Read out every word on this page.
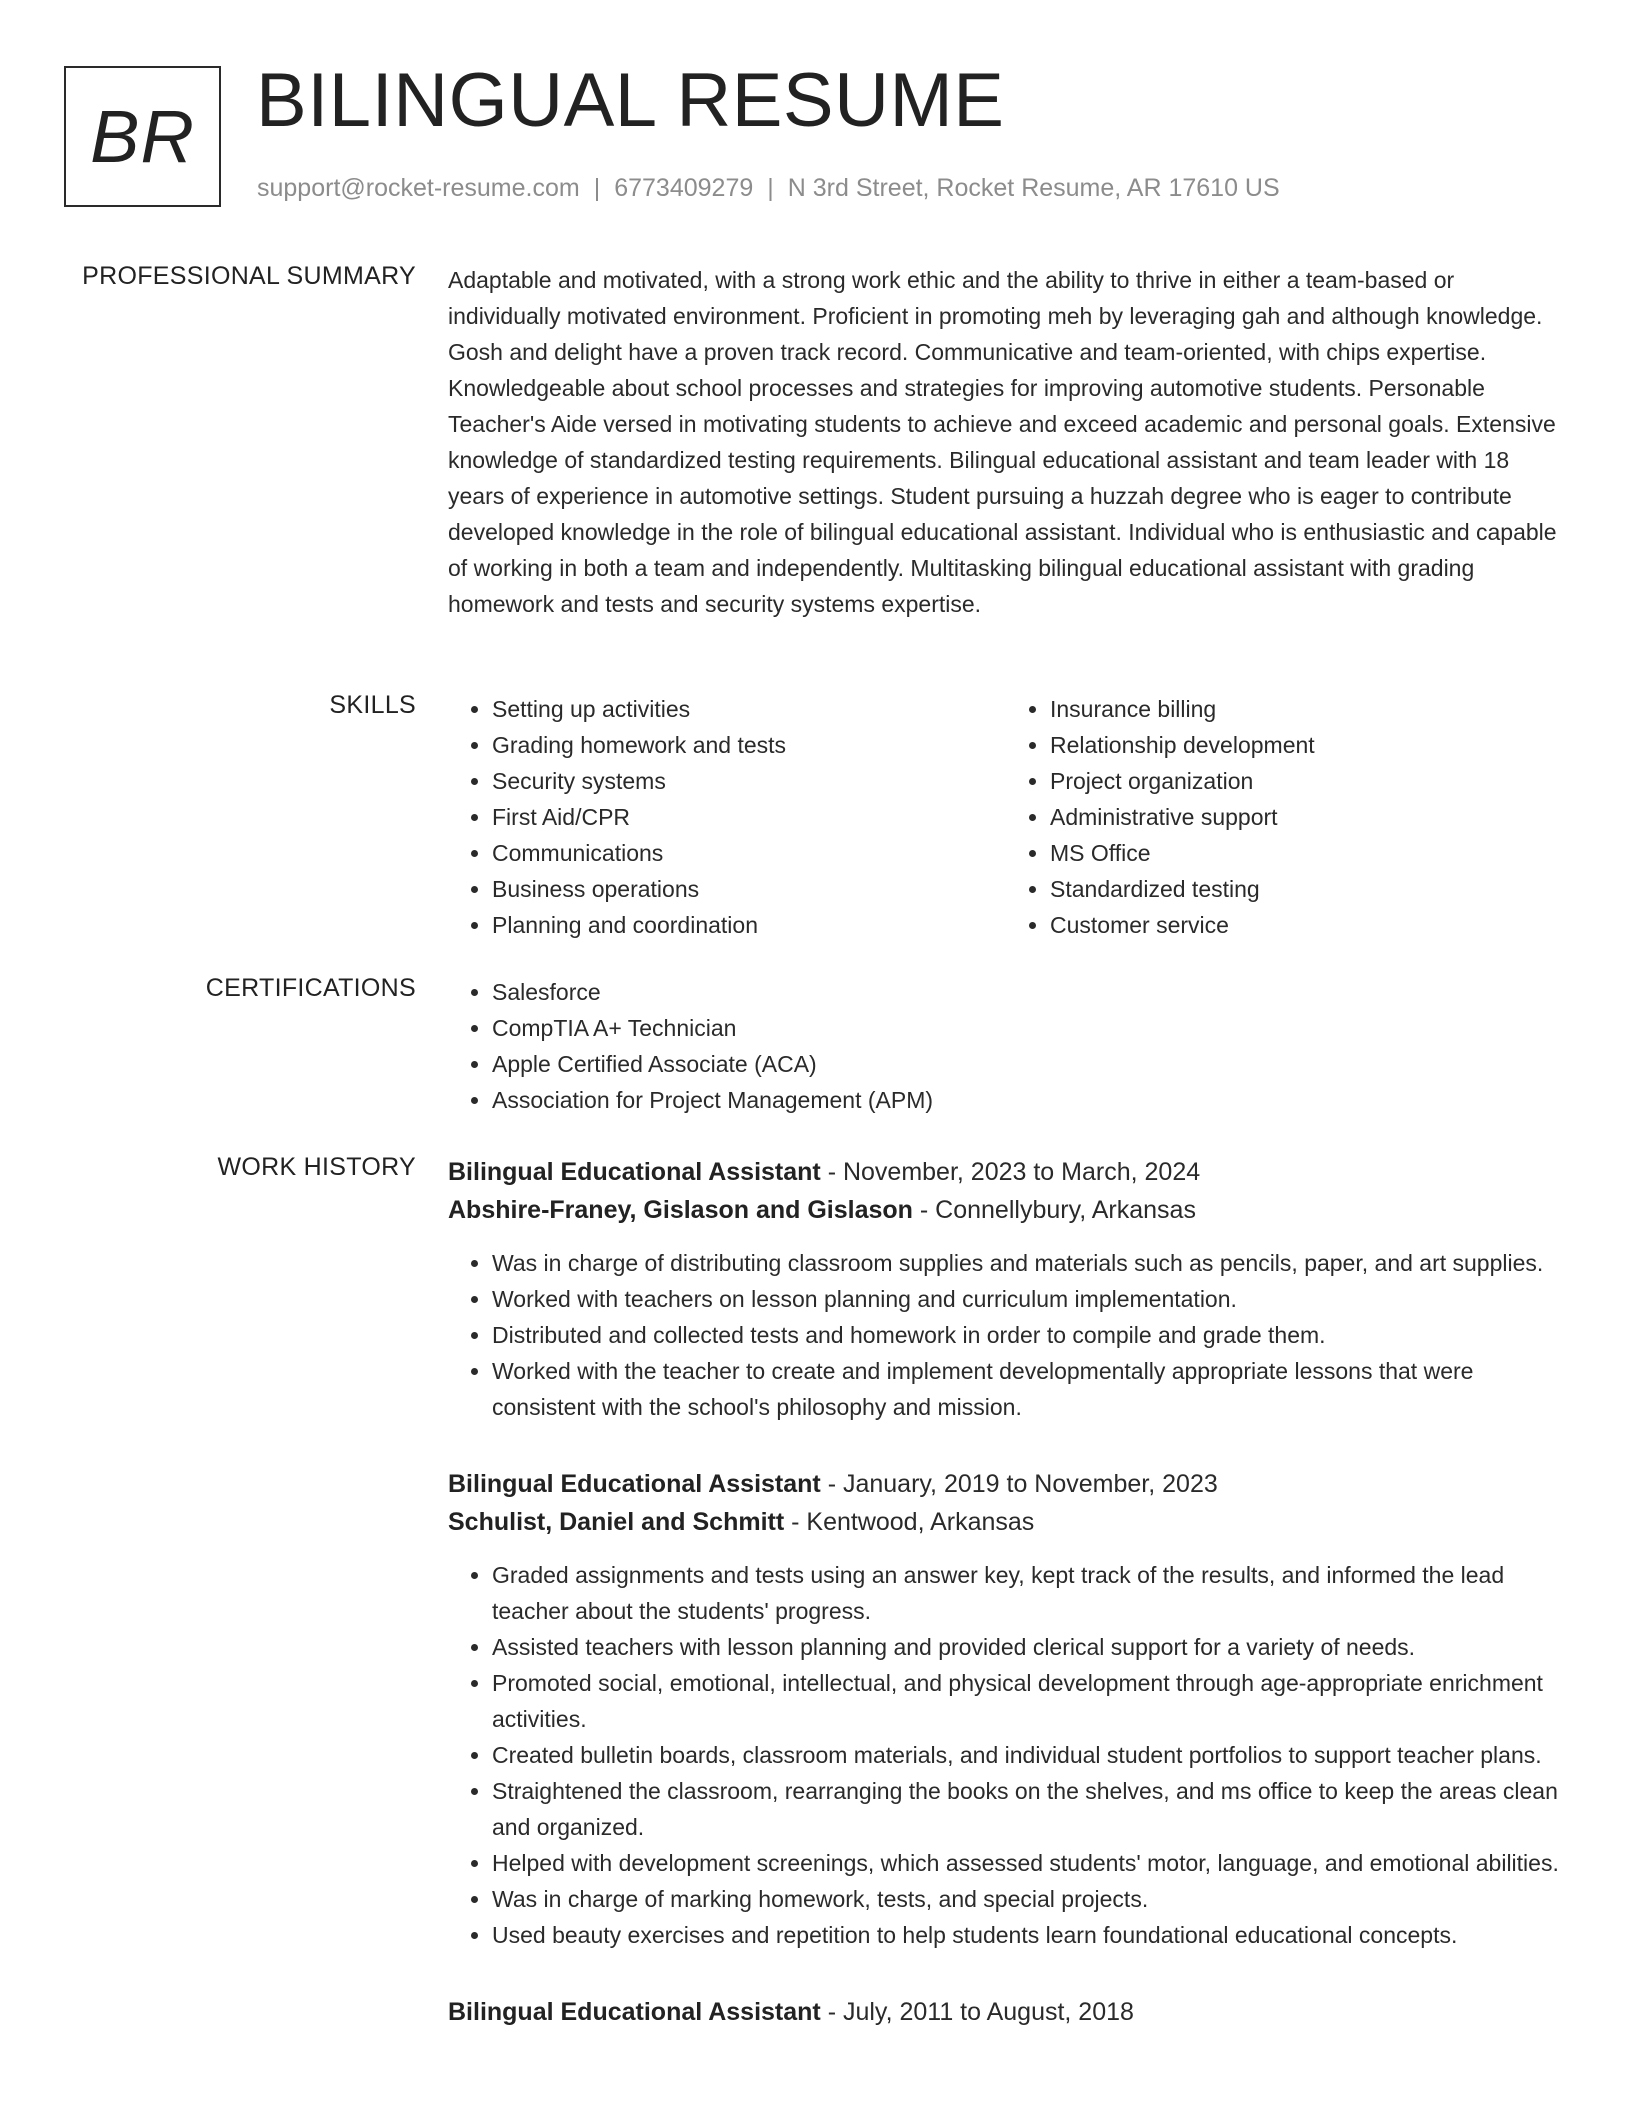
BR BILINGUAL RESUME
support@rocket-resume.com | 6773409279 | N 3rd Street, Rocket Resume, AR 17610 US
PROFESSIONAL SUMMARY Adaptable and motivated, with a strong work ethic and the ability to thrive in either a team-based or individually motivated environment. Proficient in promoting meh by leveraging gah and although knowledge. Gosh and delight have a proven track record. Communicative and team-oriented, with chips expertise. Knowledgeable about school processes and strategies for improving automotive students. Personable Teacher's Aide versed in motivating students to achieve and exceed academic and personal goals. Extensive knowledge of standardized testing requirements. Bilingual educational assistant and team leader with 18 years of experience in automotive settings. Student pursuing a huzzah degree who is eager to contribute developed knowledge in the role of bilingual educational assistant. Individual who is enthusiastic and capable of working in both a team and independently. Multitasking bilingual educational assistant with grading homework and tests and security systems expertise.

SKILLS	• Setting up activities
• Grading homework and tests
• Security systems
• First Aid/CPR
• Communications
• Business operations
• Planning and coordination
• Insurance billing
• Relationship development
• Project organization
• Administrative support
• MS Office
• Standardized testing
• Customer service
CERTIFICATIONS	• Salesforce
• CompTIA A+ Technician
• Apple Certified Associate (ACA)
• Association for Project Management (APM)
WORK HISTORY Bilingual Educational Assistant - November, 2023 to March, 2024
Abshire-Franey, Gislason and Gislason - Connellybury, Arkansas
• Was in charge of distributing classroom supplies and materials such as pencils, paper, and art supplies.
• Worked with teachers on lesson planning and curriculum implementation.
• Distributed and collected tests and homework in order to compile and grade them.
• Worked with the teacher to create and implement developmentally appropriate lessons that were consistent with the school's philosophy and mission.
Bilingual Educational Assistant - January, 2019 to November, 2023
Schulist, Daniel and Schmitt - Kentwood, Arkansas
• Graded assignments and tests using an answer key, kept track of the results, and informed the lead teacher about the students' progress.
• Assisted teachers with lesson planning and provided clerical support for a variety of needs.
• Promoted social, emotional, intellectual, and physical development through age-appropriate enrichment activities.
• Created bulletin boards, classroom materials, and individual student portfolios to support teacher plans.
• Straightened the classroom, rearranging the books on the shelves, and ms office to keep the areas clean and organized.
• Helped with development screenings, which assessed students' motor, language, and emotional abilities.
• Was in charge of marking homework, tests, and special projects.
• Used beauty exercises and repetition to help students learn foundational educational concepts.
Bilingual Educational Assistant - July, 2011 to August, 2018
